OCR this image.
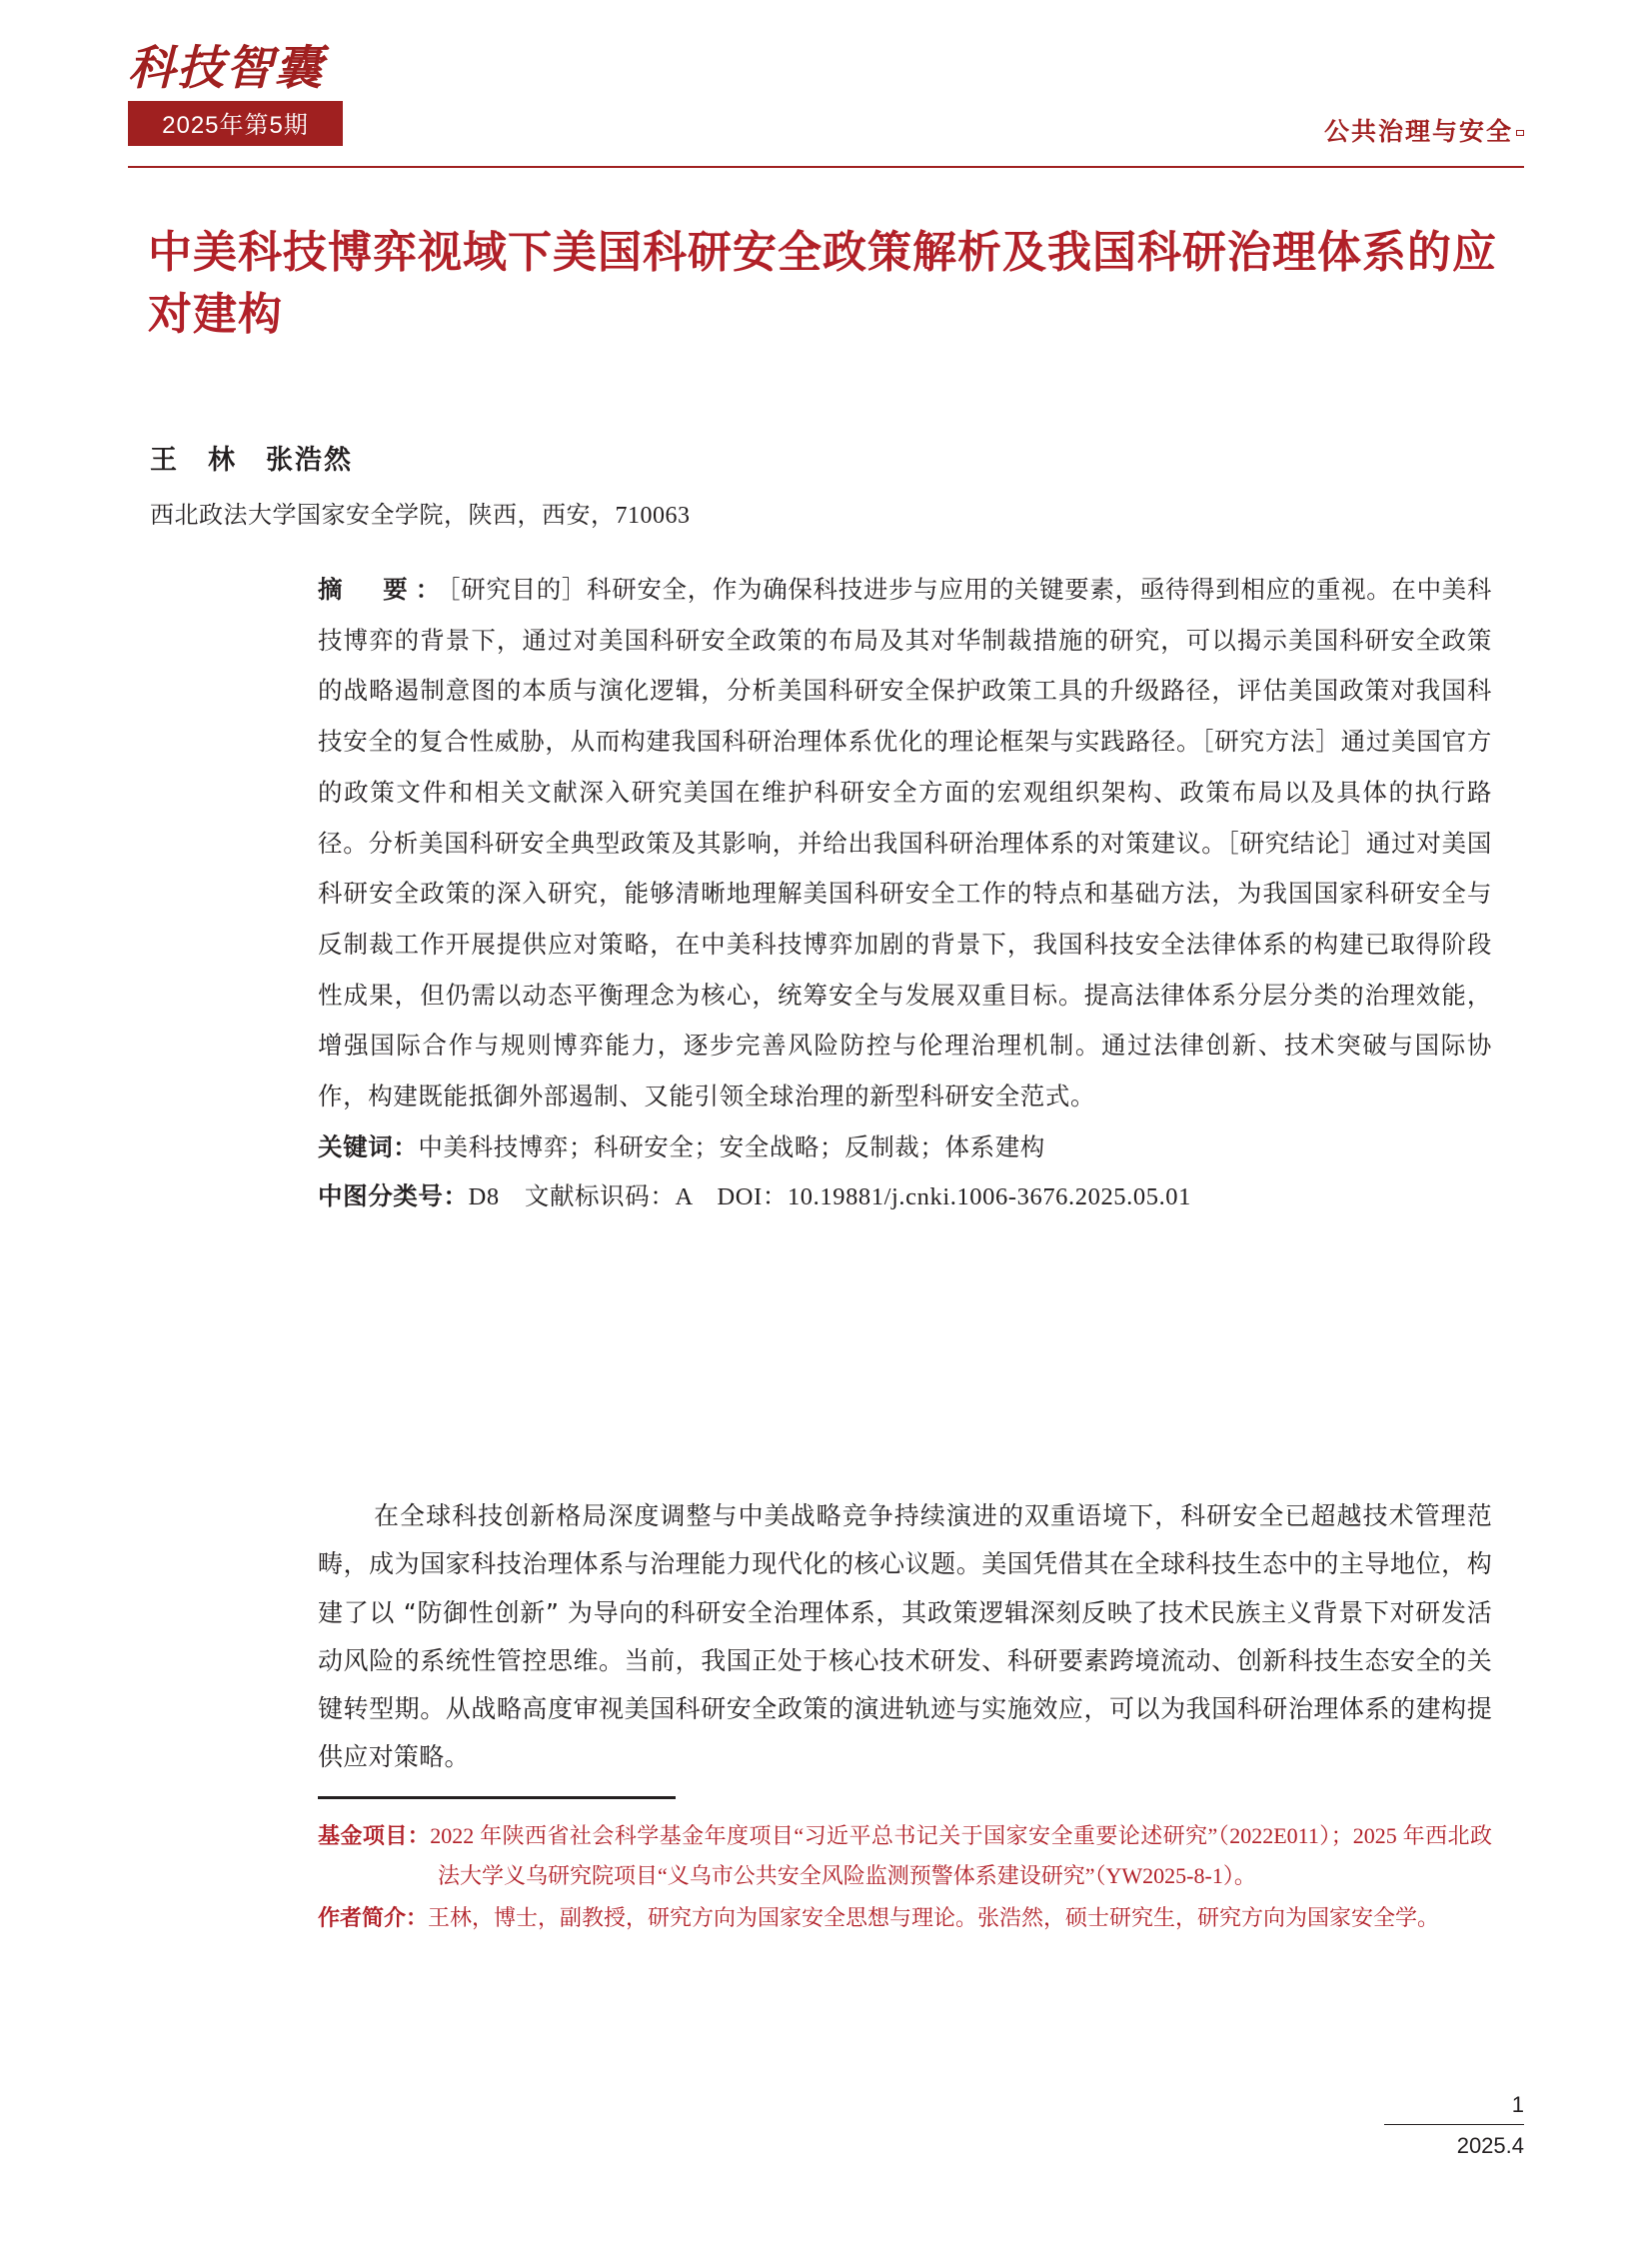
科技智囊
2025年第5期	公共治理与安全
中美科技博弈视域下美国科研安全政策解析及我国科研治理体系的应对建构
王　林　张浩然
西北政法大学国家安全学院，陕西，西安，710063
摘　要：［研究目的］科研安全，作为确保科技进步与应用的关键要素，亟待得到相应的重视。在中美科技博弈的背景下，通过对美国科研安全政策的布局及其对华制裁措施的研究，可以揭示美国科研安全政策的战略遏制意图的本质与演化逻辑，分析美国科研安全保护政策工具的升级路径，评估美国政策对我国科技安全的复合性威胁，从而构建我国科研治理体系优化的理论框架与实践路径。［研究方法］通过美国官方的政策文件和相关文献深入研究美国在维护科研安全方面的宏观组织架构、政策布局以及具体的执行路径。分析美国科研安全典型政策及其影响，并给出我国科研治理体系的对策建议。［研究结论］通过对美国科研安全政策的深入研究，能够清晰地理解美国科研安全工作的特点和基础方法，为我国国家科研安全与反制裁工作开展提供应对策略，在中美科技博弈加剧的背景下，我国科技安全法律体系的构建已取得阶段性成果，但仍需以动态平衡理念为核心，统筹安全与发展双重目标。提高法律体系分层分类的治理效能，增强国际合作与规则博弈能力，逐步完善风险防控与伦理治理机制。通过法律创新、技术突破与国际协作，构建既能抵御外部遏制、又能引领全球治理的新型科研安全范式。
关键词：中美科技博弈；科研安全；安全战略；反制裁；体系建构
中图分类号：D8　文献标识码：A　DOI：10.19881/j.cnki.1006-3676.2025.05.01

在全球科技创新格局深度调整与中美战略竞争持续演进的双重语境下，科研安全已超越技术管理范畴，成为国家科技治理体系与治理能力现代化的核心议题。美国凭借其在全球科技生态中的主导地位，构建了以 “防御性创新” 为导向的科研安全治理体系，其政策逻辑深刻反映了技术民族主义背景下对研发活动风险的系统性管控思维。当前，我国正处于核心技术研发、科研要素跨境流动、创新科技生态安全的关键转型期。从战略高度审视美国科研安全政策的演进轨迹与实施效应，可以为我国科研治理体系的建构提供应对策略。

基金项目：2022 年陕西省社会科学基金年度项目“习近平总书记关于国家安全重要论述研究”（2022E011）；2025 年西北政法大学义乌研究院项目“义乌市公共安全风险监测预警体系建设研究”（YW2025-8-1）。
作者简介：王林，博士，副教授，研究方向为国家安全思想与理论。张浩然，硕士研究生，研究方向为国家安全学。
1
2025.4
